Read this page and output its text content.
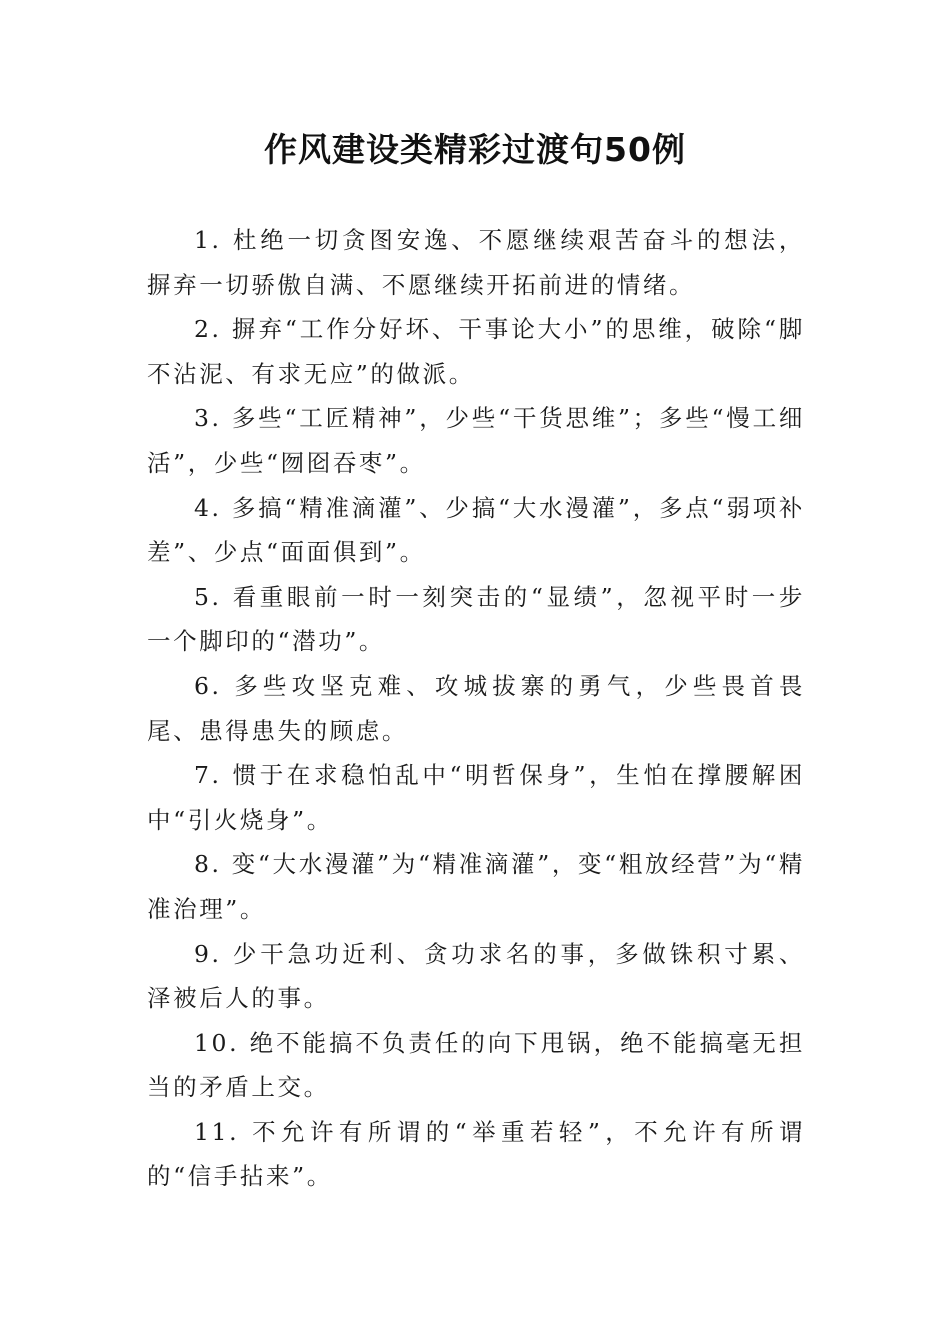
作风建设类精彩过渡句50例

1. 杜绝一切贪图安逸、不愿继续艰苦奋斗的想法，摒弃一切骄傲自满、不愿继续开拓前进的情绪。

2. 摒弃“工作分好坏、干事论大小”的思维，破除“脚不沾泥、有求无应”的做派。

3. 多些“工匠精神”，少些“干货思维”；多些“慢工细活”，少些“囫囵吞枣”。

4. 多搞“精准滴灌”、少搞“大水漫灌”，多点“弱项补差”、少点“面面俱到”。

5. 看重眼前一时一刻突击的“显绩”，忽视平时一步一个脚印的“潜功”。

6. 多些攻坚克难、攻城拔寨的勇气，少些畏首畏尾、患得患失的顾虑。

7. 惯于在求稳怕乱中“明哲保身”，生怕在撑腰解困中“引火烧身”。

8. 变“大水漫灌”为“精准滴灌”，变“粗放经营”为“精准治理”。

9. 少干急功近利、贪功求名的事，多做铢积寸累、泽被后人的事。

10. 绝不能搞不负责任的向下甩锅，绝不能搞毫无担当的矛盾上交。

11. 不允许有所谓的“举重若轻”，不允许有所谓的“信手拈来”。
